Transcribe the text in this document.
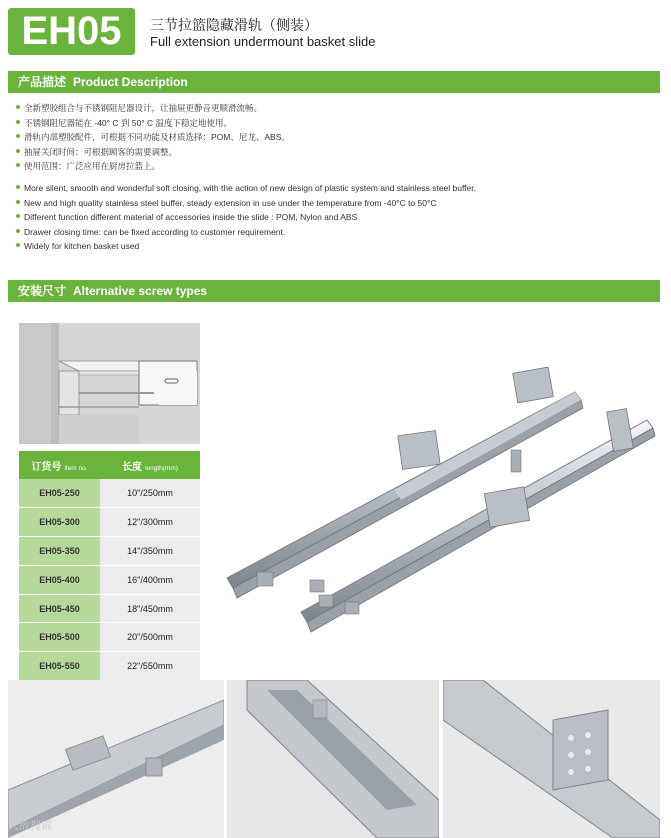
EH05	三节拉篮隐藏滑轨（侧装）
Full extension undermount basket slide
产品描述 Product Description
全新塑胶组合与不锈钢阻尼器设计，让抽屉更静音更顺滑流畅。
不锈钢阻尼器能在 -40° C 到 50° C 温度下稳定地使用。
滑轨内部塑胶配件，可根据不同功能及材质选择：POM、尼龙、ABS。
抽屉关闭时间：可根据顾客的需要调整。
使用范围：广泛应用在厨房拉篮上。
More silent, smooth and wonderful soft closing, with the action of new design of plastic system and stainless steel buffer.
New and high quality stainless steel buffer, steady extension in use under the temperature from -40°C to 50°C
Different function different material of accessories inside the slide : POM, Nylon and ABS
Drawer closing time: can be fixed according to customer requirement.
Widely for kitchen basket used
安装尺寸 Alternative screw types
订货号 item no.	长度 length(mm)
EH05-250	10"/250mm
EH05-300	12"/300mm
EH05-350	14"/350mm
EH05-400	16"/400mm
EH05-450	18"/450mm
EH05-500	20"/500mm
EH05-550	22"/550mm
大敌搜锦
